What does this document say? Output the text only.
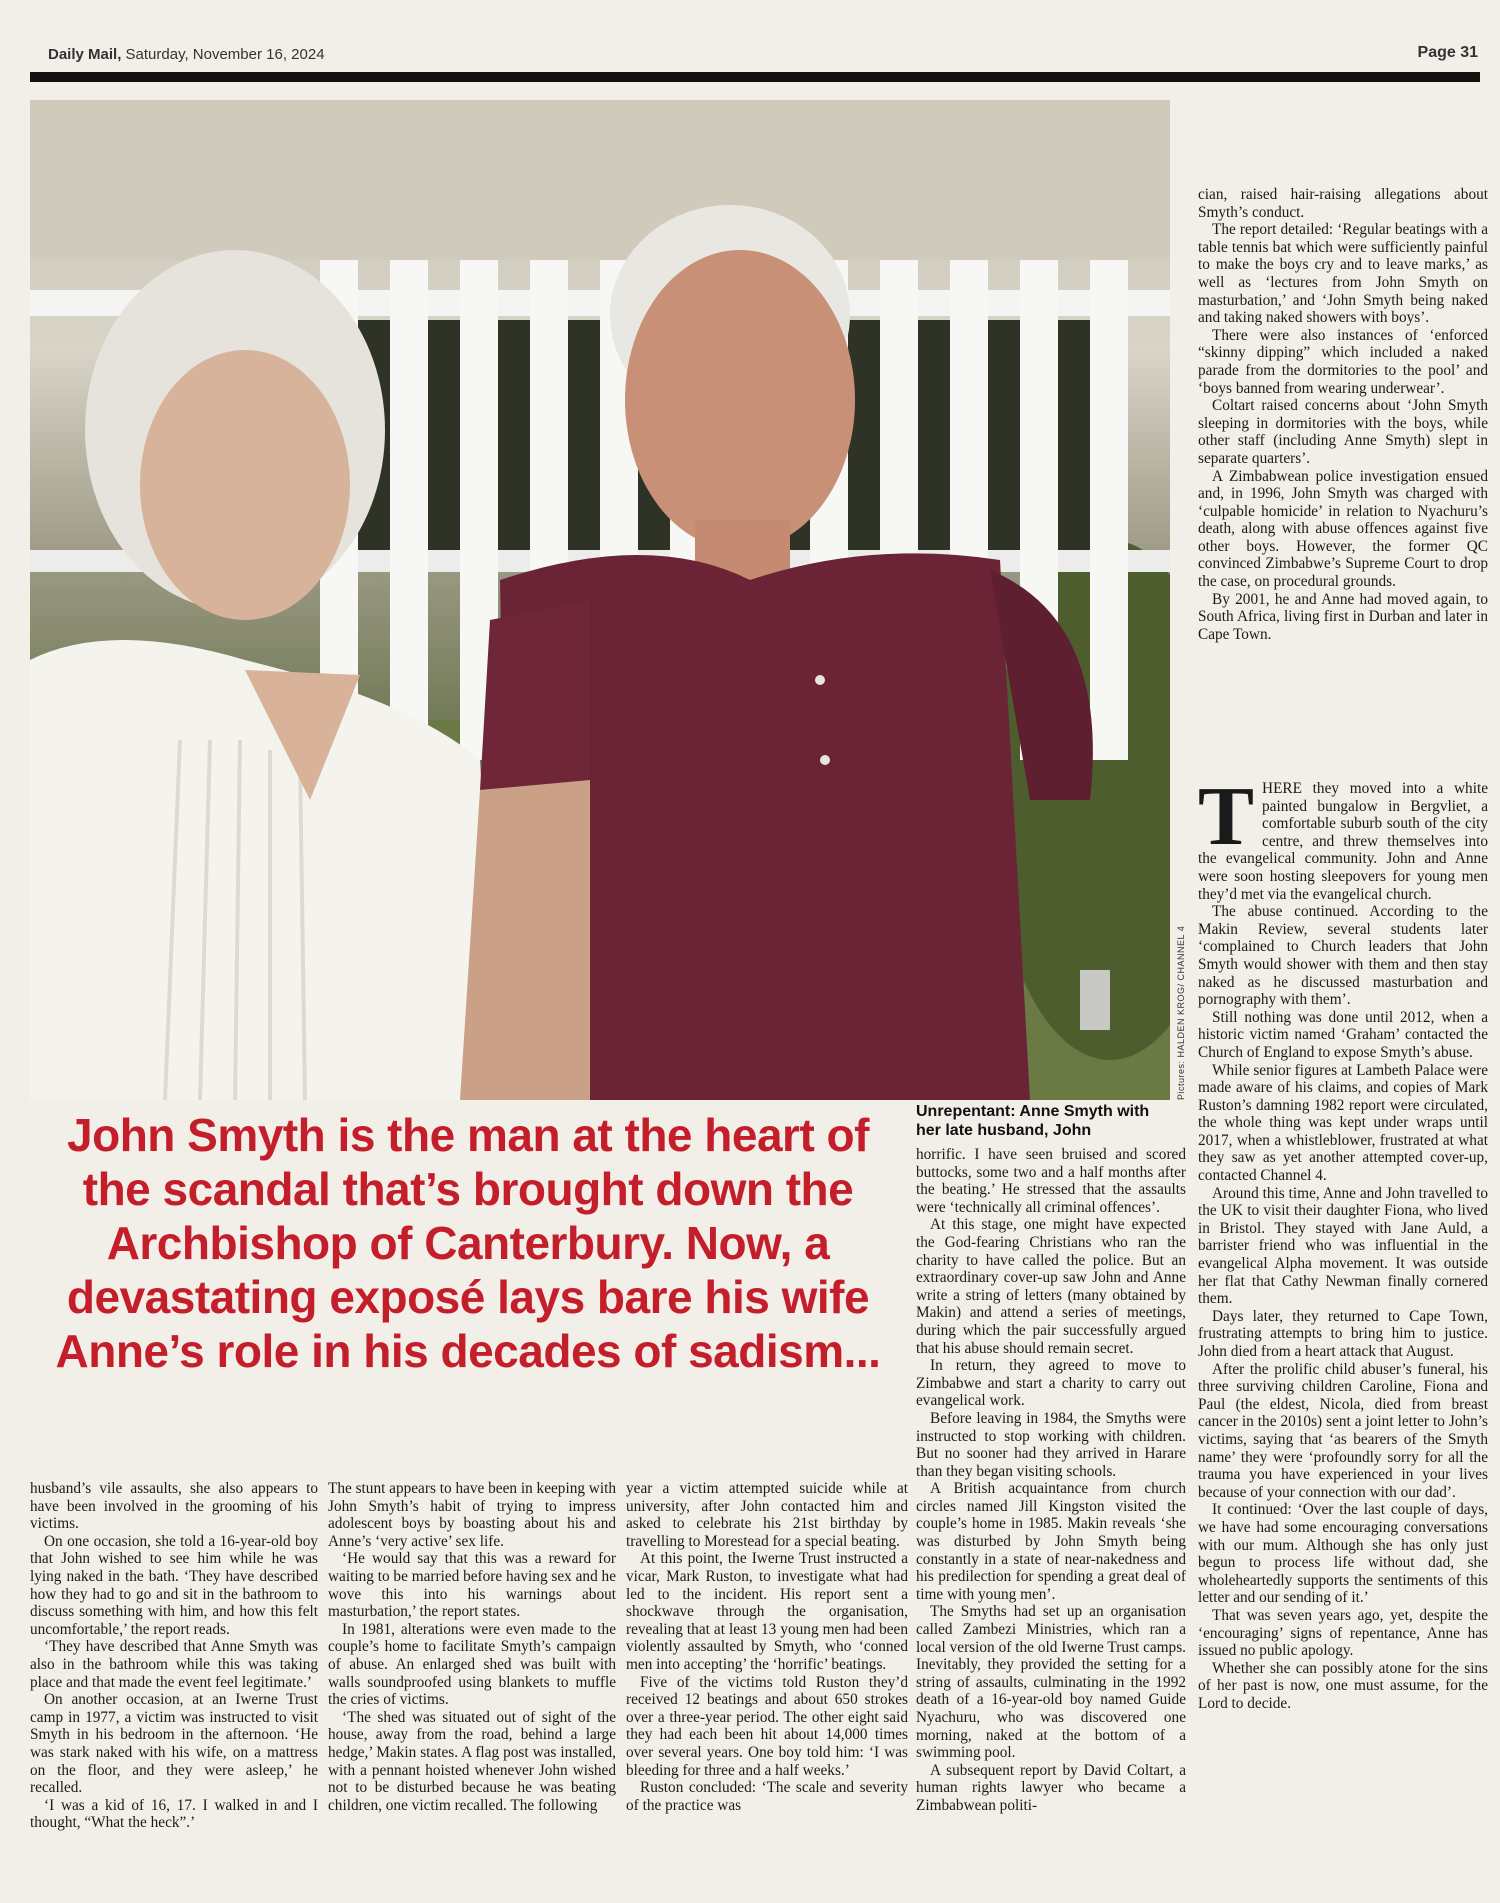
Daily Mail, Saturday, November 16, 2024	Page 31
Pictures: HALDEN KROG/ CHANNEL 4
Unrepentant: Anne Smyth with her late husband, John
John Smyth is the man at the heart of the scandal that’s brought down the Archbishop of Canterbury. Now, a devastating exposé lays bare his wife Anne’s role in his decades of sadism...

cian, raised hair-raising allegations about Smyth’s conduct.

The report detailed: ‘Regular beatings with a table tennis bat which were sufficiently painful to make the boys cry and to leave marks,’ as well as ‘lectures from John Smyth on masturbation,’ and ‘John Smyth being naked and taking naked showers with boys’.

There were also instances of ‘enforced “skinny dipping” which included a naked parade from the dormitories to the pool’ and ‘boys banned from wearing underwear’.

Coltart raised concerns about ‘John Smyth sleeping in dormitories with the boys, while other staff (including Anne Smyth) slept in separate quarters’.

A Zimbabwean police investigation ensued and, in 1996, John Smyth was charged with ‘culpable homicide’ in relation to Nyachuru’s death, along with abuse offences against five other boys. However, the former QC convinced Zimbabwe’s Supreme Court to drop the case, on procedural grounds.

By 2001, he and Anne had moved again, to South Africa, living first in Durban and later in Cape Town.

THERE they moved into a white painted bungalow in Bergvliet, a comfortable suburb south of the city centre, and threw themselves into the evangelical community. John and Anne were soon hosting sleepovers for young men they’d met via the evangelical church.

The abuse continued. According to the Makin Review, several students later ‘complained to Church leaders that John Smyth would shower with them and then stay naked as he discussed masturbation and pornography with them’.

Still nothing was done until 2012, when a historic victim named ‘Graham’ contacted the Church of England to expose Smyth’s abuse.

While senior figures at Lambeth Palace were made aware of his claims, and copies of Mark Ruston’s damning 1982 report were circulated, the whole thing was kept under wraps until 2017, when a whistleblower, frustrated at what they saw as yet another attempted cover-up, contacted Channel 4.

Around this time, Anne and John travelled to the UK to visit their daughter Fiona, who lived in Bristol. They stayed with Jane Auld, a barrister friend who was influential in the evangelical Alpha movement. It was outside her flat that Cathy Newman finally cornered them.

Days later, they returned to Cape Town, frustrating attempts to bring him to justice. John died from a heart attack that August.

After the prolific child abuser’s funeral, his three surviving children Caroline, Fiona and Paul (the eldest, Nicola, died from breast cancer in the 2010s) sent a joint letter to John’s victims, saying that ‘as bearers of the Smyth name’ they were ‘profoundly sorry for all the trauma you have experienced in your lives because of your connection with our dad’.

It continued: ‘Over the last couple of days, we have had some encouraging conversations with our mum. Although she has only just begun to process life without dad, she wholeheartedly supports the sentiments of this letter and our sending of it.’

That was seven years ago, yet, despite the ‘encouraging’ signs of repentance, Anne has issued no public apology.

Whether she can possibly atone for the sins of her past is now, one must assume, for the Lord to decide.

horrific. I have seen bruised and scored buttocks, some two and a half months after the beating.’ He stressed that the assaults were ‘technically all criminal offences’.

At this stage, one might have expected the God-fearing Christians who ran the charity to have called the police. But an extraordinary cover-up saw John and Anne write a string of letters (many obtained by Makin) and attend a series of meetings, during which the pair successfully argued that his abuse should remain secret.

In return, they agreed to move to Zimbabwe and start a charity to carry out evangelical work.

Before leaving in 1984, the Smyths were instructed to stop working with children. But no sooner had they arrived in Harare than they began visiting schools.

A British acquaintance from church circles named Jill Kingston visited the couple’s home in 1985. Makin reveals ‘she was disturbed by John Smyth being constantly in a state of near-nakedness and his predilection for spending a great deal of time with young men’.

The Smyths had set up an organisation called Zambezi Ministries, which ran a local version of the old Iwerne Trust camps. Inevitably, they provided the setting for a string of assaults, culminating in the 1992 death of a 16-year-old boy named Guide Nyachuru, who was discovered one morning, naked at the bottom of a swimming pool.

A subsequent report by David Coltart, a human rights lawyer who became a Zimbabwean politi-

husband’s vile assaults, she also appears to have been involved in the grooming of his victims.

On one occasion, she told a 16-year-old boy that John wished to see him while he was lying naked in the bath. ‘They have described how they had to go and sit in the bathroom to discuss something with him, and how this felt uncomfortable,’ the report reads.

‘They have described that Anne Smyth was also in the bathroom while this was taking place and that made the event feel legitimate.’

On another occasion, at an Iwerne Trust camp in 1977, a victim was instructed to visit Smyth in his bedroom in the afternoon. ‘He was stark naked with his wife, on a mattress on the floor, and they were asleep,’ he recalled.

‘I was a kid of 16, 17. I walked in and I thought, “What the heck”.’

The stunt appears to have been in keeping with John Smyth’s habit of trying to impress adolescent boys by boasting about his and Anne’s ‘very active’ sex life.

‘He would say that this was a reward for waiting to be married before having sex and he wove this into his warnings about masturbation,’ the report states.

In 1981, alterations were even made to the couple’s home to facilitate Smyth’s campaign of abuse. An enlarged shed was built with walls soundproofed using blankets to muffle the cries of victims.

‘The shed was situated out of sight of the house, away from the road, behind a large hedge,’ Makin states. A flag post was installed, with a pennant hoisted whenever John wished not to be disturbed because he was beating children, one victim recalled. The following

year a victim attempted suicide while at university, after John contacted him and asked to celebrate his 21st birthday by travelling to Morestead for a special beating.

At this point, the Iwerne Trust instructed a vicar, Mark Ruston, to investigate what had led to the incident. His report sent a shockwave through the organisation, revealing that at least 13 young men had been violently assaulted by Smyth, who ‘conned men into accepting’ the ‘horrific’ beatings.

Five of the victims told Ruston they’d received 12 beatings and about 650 strokes over a three-year period. The other eight said they had each been hit about 14,000 times over several years. One boy told him: ‘I was bleeding for three and a half weeks.’

Ruston concluded: ‘The scale and severity of the practice was
